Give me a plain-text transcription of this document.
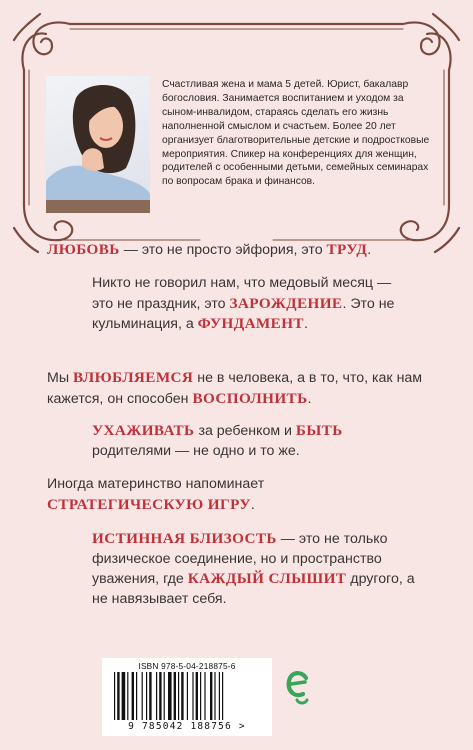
Счастливая жена и мама 5 детей. Юрист, бакалавр богословия. Занимается воспитанием и уходом за сыном-инвалидом, стараясь сделать его жизнь наполненной смыслом и счастьем. Более 20 лет организует благотворительные детские и подростковые мероприятия. Спикер на конференциях для женщин, родителей с особенными детьми, семейных семинарах по вопросам брака и финансов.
ЛЮБОВЬ — это не просто эйфория, это ТРУД.
Никто не говорил нам, что медовый месяц — это не праздник, это ЗАРОЖДЕНИЕ. Это не кульминация, а ФУНДАМЕНТ.
Мы ВЛЮБЛЯЕМСЯ не в человека, а в то, что, как нам кажется, он способен ВОСПОЛНИТЬ.
УХАЖИВАТЬ за ребенком и БЫТЬ родителями — не одно и то же.
Иногда материнство напоминает СТРАТЕГИЧЕСКУЮ ИГРУ.
ИСТИННАЯ БЛИЗОСТЬ — это не только физическое соединение, но и пространство уважения, где КАЖДЫЙ СЛЫШИТ другого, а не навязывает себя.
ISBN 978-5-04-218875-6
9 785042 188756 >
